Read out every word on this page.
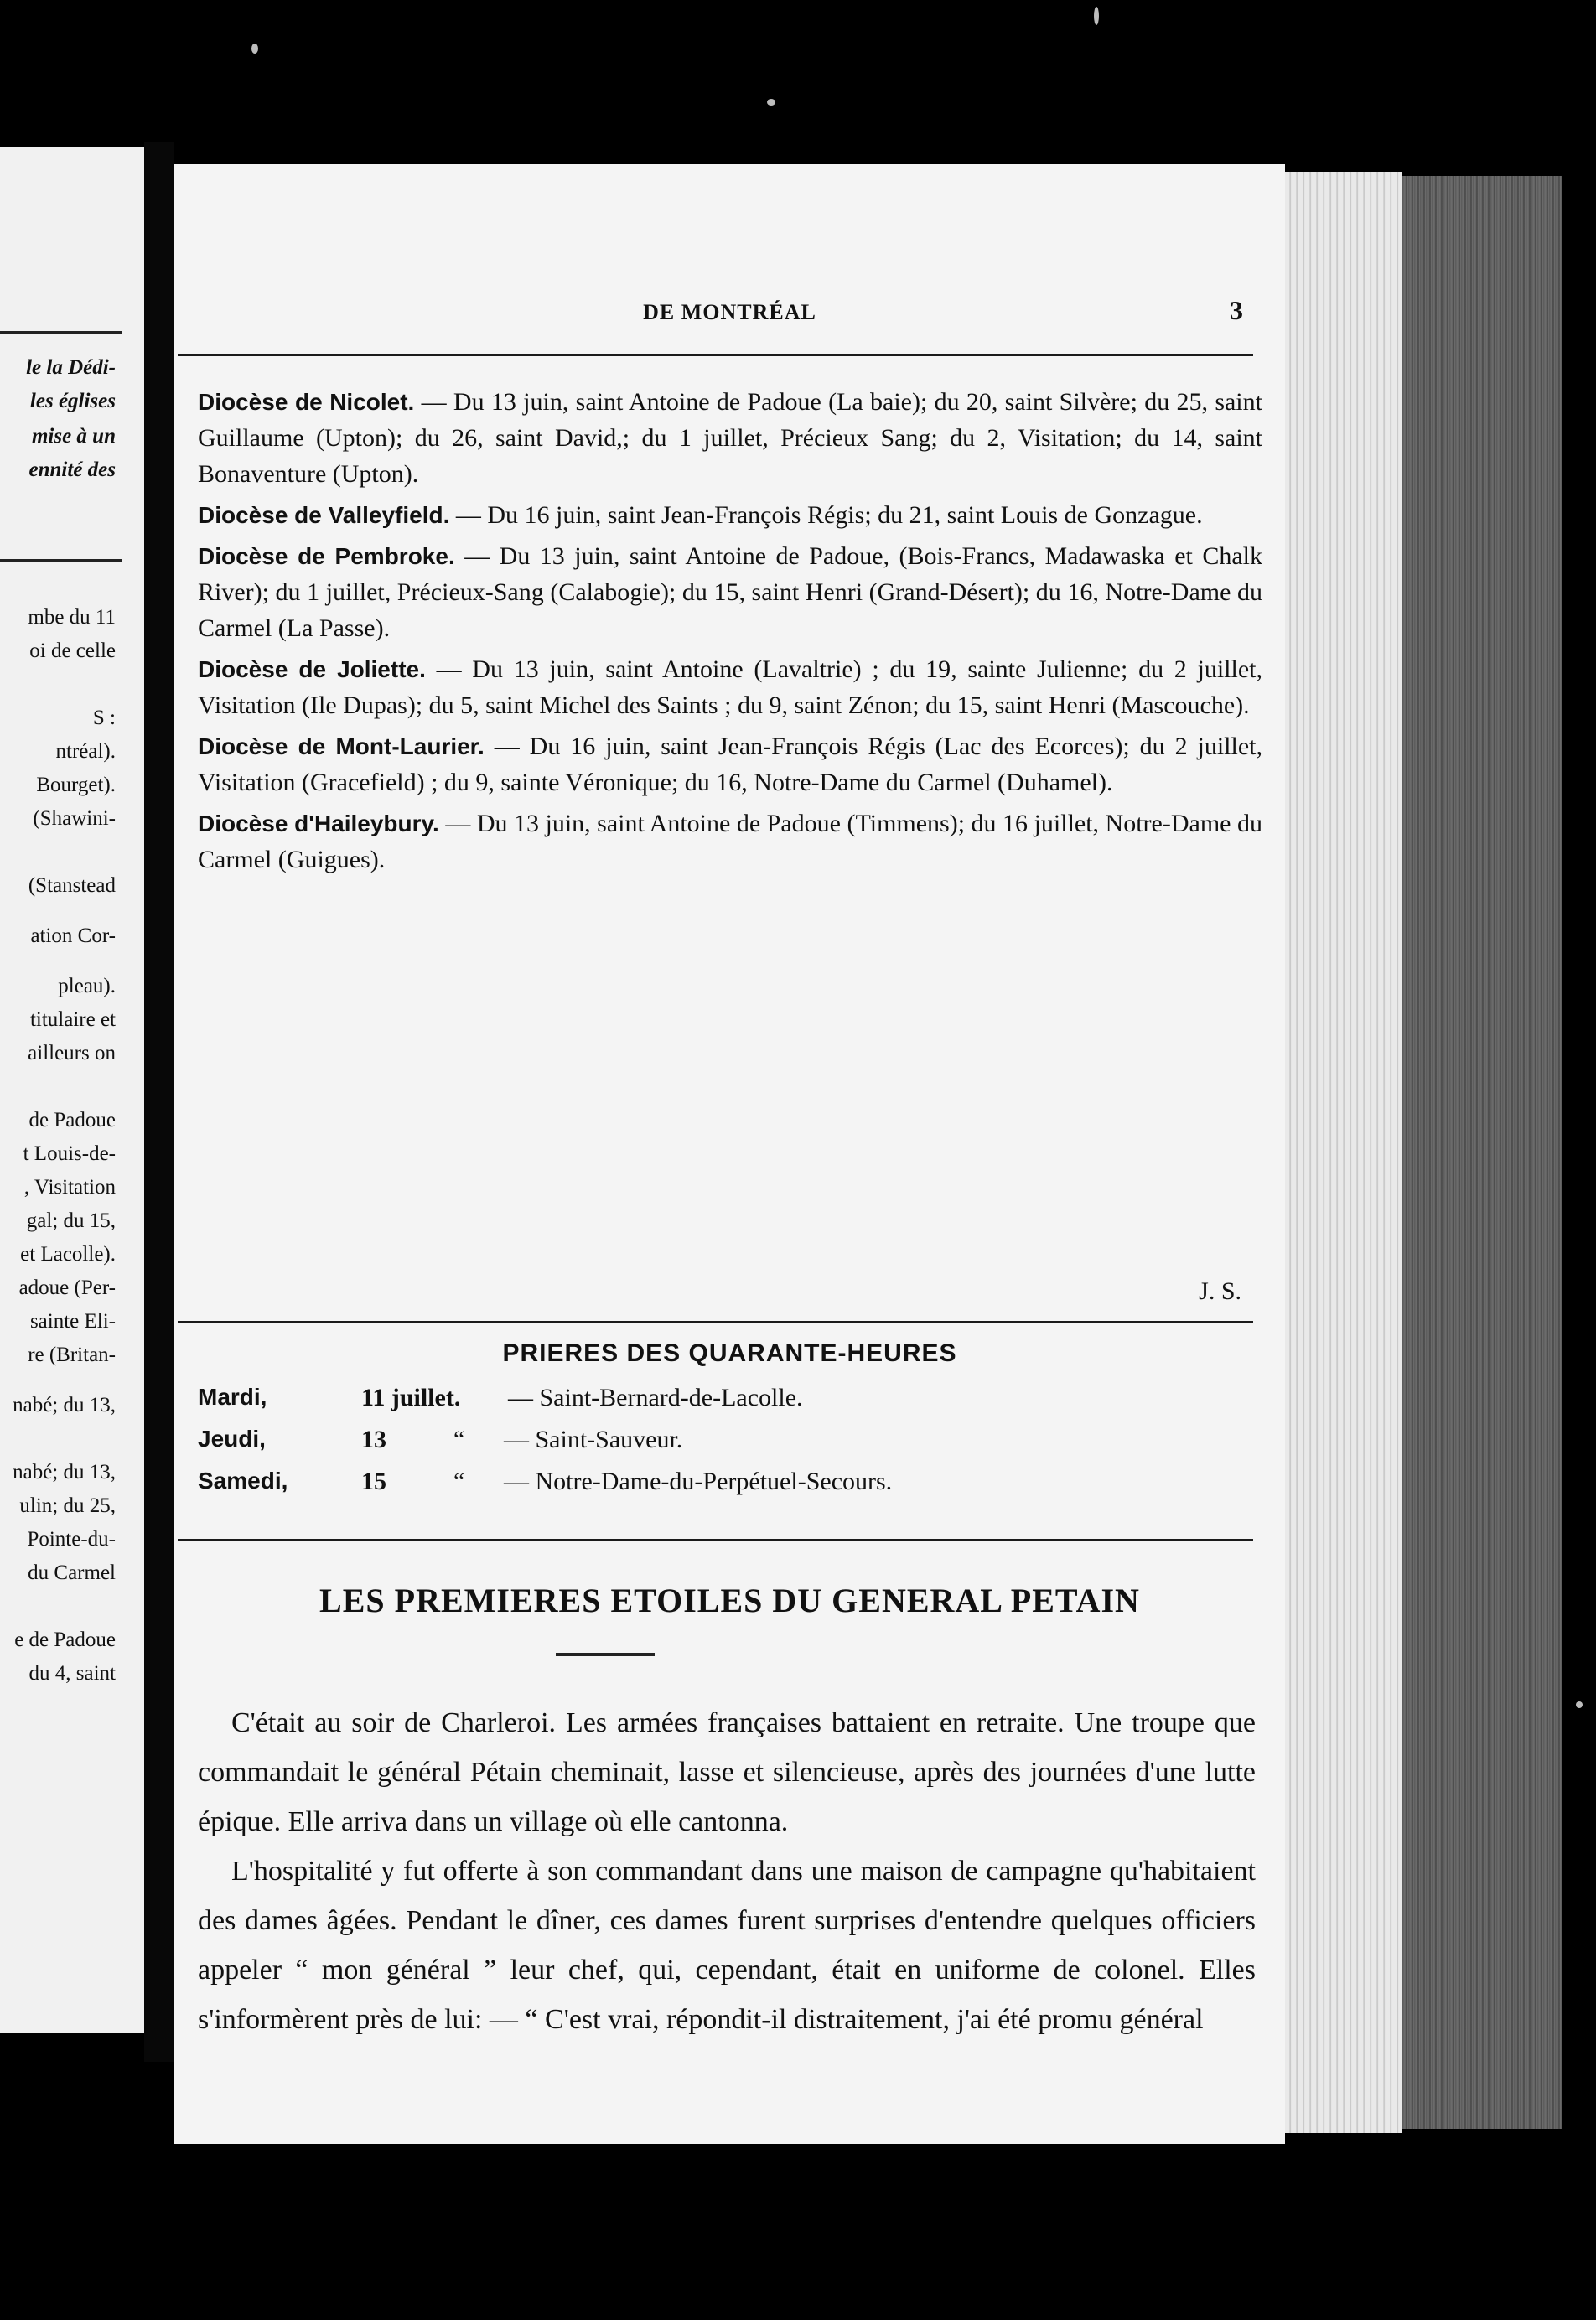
le la Dédi-
les églises
mise à un
ennité des
mbe du 11
oi de celle
S :
ntréal).
Bourget).
(Shawini-
(Stanstead
ation Cor-
pleau).
titulaire et
ailleurs on
de Padoue
t Louis-de-
, Visitation
gal; du 15,
et Lacolle).
adoue (Per-
sainte Eli-
re (Britan-
nabé; du 13,
nabé; du 13,
ulin; du 25,
Pointe-du-
du Carmel
e de Padoue
du 4, saint
DE MONTRÉAL	3

Diocèse de Nicolet. — Du 13 juin, saint Antoine de Padoue (La baie); du 20, saint Silvère; du 25, saint Guillaume (Upton); du 26, saint David,; du 1 juillet, Précieux Sang; du 2, Visitation; du 14, saint Bonaventure (Upton).

Diocèse de Valleyfield. — Du 16 juin, saint Jean-François Régis; du 21, saint Louis de Gonzague.

Diocèse de Pembroke. — Du 13 juin, saint Antoine de Padoue, (Bois-Francs, Madawaska et Chalk River); du 1 juillet, Précieux-Sang (Calabogie); du 15, saint Henri (Grand-Désert); du 16, Notre-Dame du Carmel (La Passe).

Diocèse de Joliette. — Du 13 juin, saint Antoine (Lavaltrie) ; du 19, sainte Julienne; du 2 juillet, Visitation (Ile Dupas); du 5, saint Michel des Saints ; du 9, saint Zénon; du 15, saint Henri (Mascouche).

Diocèse de Mont-Laurier. — Du 16 juin, saint Jean-François Régis (Lac des Ecorces); du 2 juillet, Visitation (Gracefield) ; du 9, sainte Véronique; du 16, Notre-Dame du Carmel (Duhamel).

Diocèse d'Haileybury. — Du 13 juin, saint Antoine de Padoue (Timmens); du 16 juillet, Notre-Dame du Carmel (Guigues).

J. S.
PRIERES DES QUARANTE-HEURES
Mardi,	11 juillet. — Saint-Bernard-de-Lacolle.
Jeudi,	13	“ — Saint-Sauveur.
Samedi,	15	“ — Notre-Dame-du-Perpétuel-Secours.
LES PREMIERES ETOILES DU GENERAL PETAIN

C'était au soir de Charleroi. Les armées françaises battaient en retraite. Une troupe que commandait le général Pétain cheminait, lasse et silencieuse, après des journées d'une lutte épique. Elle arriva dans un village où elle cantonna.

L'hospitalité y fut offerte à son commandant dans une maison de campagne qu'habitaient des dames âgées. Pendant le dîner, ces dames furent surprises d'entendre quelques officiers appeler “ mon général ” leur chef, qui, cependant, était en uniforme de colonel. Elles s'informèrent près de lui: — “ C'est vrai, répondit-il distraitement, j'ai été promu général
